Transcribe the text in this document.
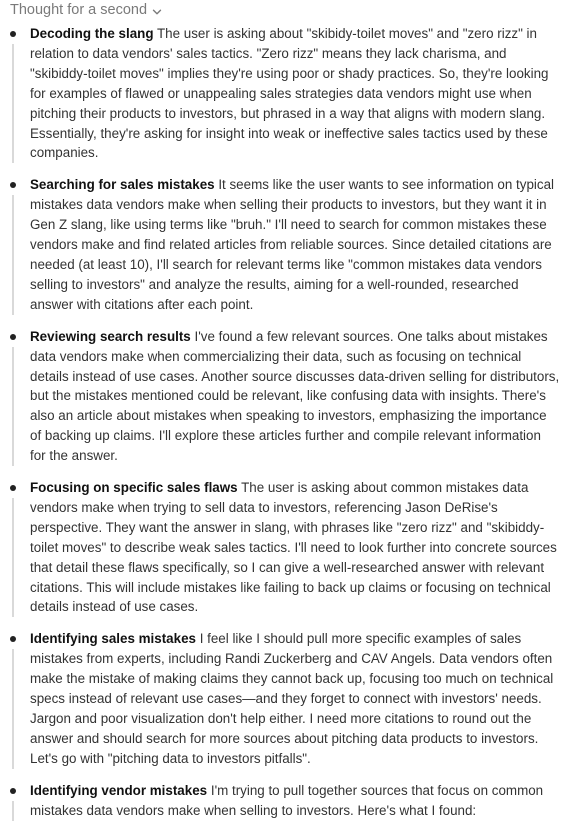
Thought for a second

Decoding the slang The user is asking about "skibidy-toilet moves" and "zero rizz" in relation to data vendors' sales tactics. "Zero rizz" means they lack charisma, and "skibiddy-toilet moves" implies they're using poor or shady practices. So, they're looking for examples of flawed or unappealing sales strategies data vendors might use when pitching their products to investors, but phrased in a way that aligns with modern slang. Essentially, they're asking for insight into weak or ineffective sales tactics used by these companies.

Searching for sales mistakes It seems like the user wants to see information on typical mistakes data vendors make when selling their products to investors, but they want it in Gen Z slang, like using terms like "bruh." I'll need to search for common mistakes these vendors make and find related articles from reliable sources. Since detailed citations are needed (at least 10), I'll search for relevant terms like "common mistakes data vendors selling to investors" and analyze the results, aiming for a well-rounded, researched answer with citations after each point.

Reviewing search results I've found a few relevant sources. One talks about mistakes data vendors make when commercializing their data, such as focusing on technical details instead of use cases. Another source discusses data-driven selling for distributors, but the mistakes mentioned could be relevant, like confusing data with insights. There's also an article about mistakes when speaking to investors, emphasizing the importance of backing up claims. I'll explore these articles further and compile relevant information for the answer.

Focusing on specific sales flaws The user is asking about common mistakes data vendors make when trying to sell data to investors, referencing Jason DeRise's perspective. They want the answer in slang, with phrases like "zero rizz" and "skibiddy-toilet moves" to describe weak sales tactics. I'll need to look further into concrete sources that detail these flaws specifically, so I can give a well-researched answer with relevant citations. This will include mistakes like failing to back up claims or focusing on technical details instead of use cases.

Identifying sales mistakes I feel like I should pull more specific examples of sales mistakes from experts, including Randi Zuckerberg and CAV Angels. Data vendors often make the mistake of making claims they cannot back up, focusing too much on technical specs instead of relevant use cases—and they forget to connect with investors' needs. Jargon and poor visualization don't help either. I need more citations to round out the answer and should search for more sources about pitching data products to investors. Let's go with "pitching data to investors pitfalls".

Identifying vendor mistakes I'm trying to pull together sources that focus on common mistakes data vendors make when selling to investors. Here's what I found:
